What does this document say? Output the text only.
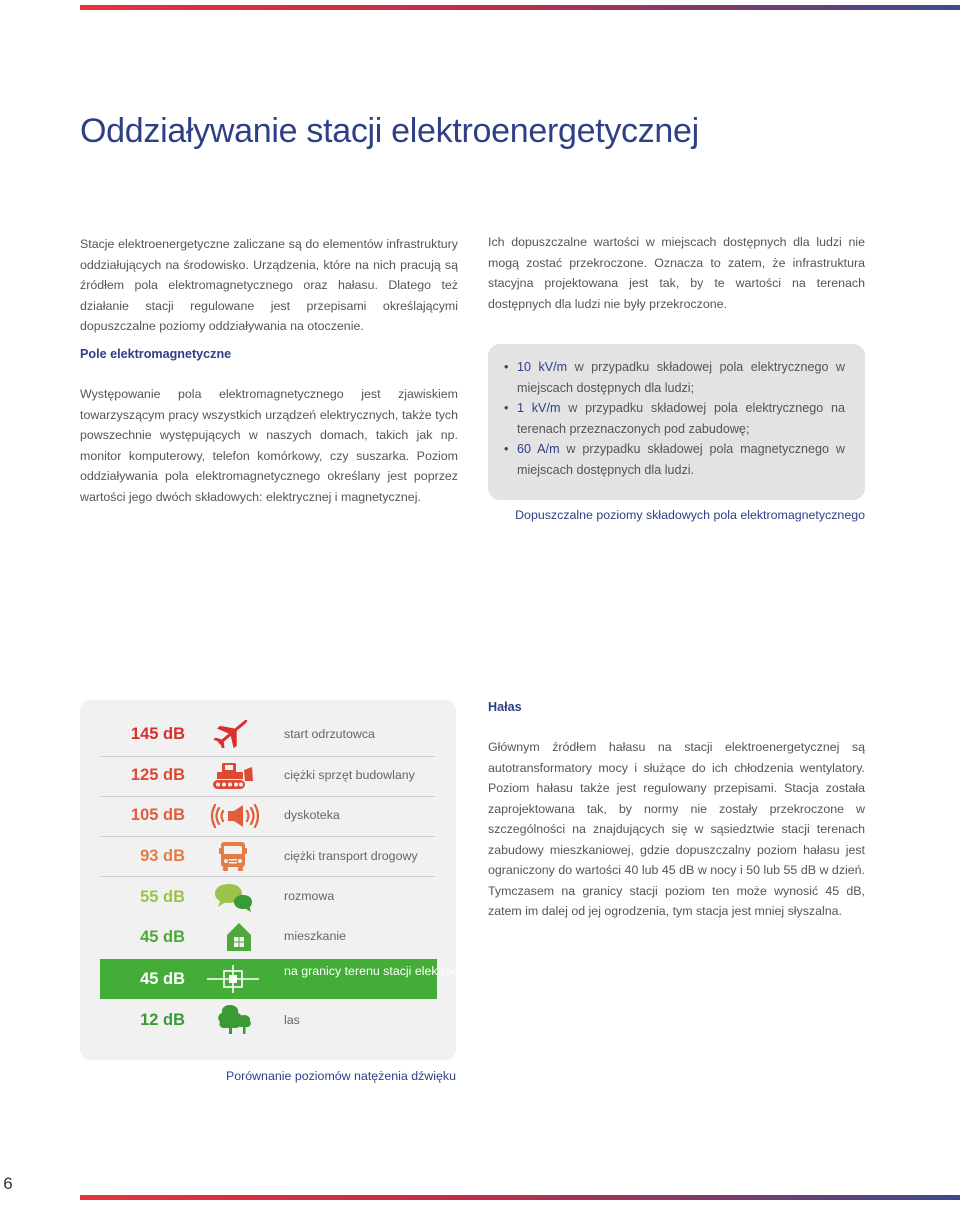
Oddziaływanie stacji elektroenergetycznej

Stacje elektroenergetyczne zaliczane są do elementów infrastruktury oddziałujących na środowisko. Urządzenia, które na nich pracują są źródłem pola elektromagnetycznego oraz hałasu. Dlatego też działanie stacji regulowane jest przepisami określającymi dopuszczalne poziomy oddziaływania na otoczenie.

Pole elektromagnetyczne

Występowanie pola elektromagnetycznego jest zjawiskiem towarzyszącym pracy wszystkich urządzeń elektrycznych, także tych powszechnie występujących w naszych domach, takich jak np. monitor komputerowy, telefon komórkowy, czy suszarka. Poziom oddziaływania pola elektromagnetycznego określany jest poprzez wartości jego dwóch składowych: elektrycznej i magnetycznej.

Ich dopuszczalne wartości w miejscach dostępnych dla ludzi nie mogą zostać przekroczone. Oznacza to zatem, że infrastruktura stacyjna projektowana jest tak, by te wartości na terenach dostępnych dla ludzi nie były przekroczone.

• 10 kV/m w przypadku składowej pola elektrycznego w miejscach dostępnych dla ludzi;
• 1 kV/m w przypadku składowej pola elektrycznego na terenach przeznaczonych pod zabudowę;
• 60 A/m w przypadku składowej pola magnetycznego w miejscach dostępnych dla ludzi.

Dopuszczalne poziomy składowych pola elektromagnetycznego

145 dB	start odrzutowca
125 dB	ciężki sprzęt budowlany
105 dB	dyskoteka
93 dB	ciężki transport drogowy
55 dB	rozmowa
45 dB	mieszkanie
45 dB	na granicy terenu stacji elektroenergetycznej
12 dB	las

Porównanie poziomów natężenia dźwięku

Hałas

Głównym źródłem hałasu na stacji elektroenergetycznej są autotransformatory mocy i służące do ich chłodzenia wentylatory. Poziom hałasu także jest regulowany przepisami. Stacja została zaprojektowana tak, by normy nie zostały przekroczone w szczególności na znajdujących się w sąsiedztwie stacji terenach zabudowy mieszkaniowej, gdzie dopuszczalny poziom hałasu jest ograniczony do wartości 40 lub 45 dB w nocy i 50 lub 55 dB w dzień. Tymczasem na granicy stacji poziom ten może wynosić 45 dB, zatem im dalej od jej ogrodzenia, tym stacja jest mniej słyszalna.

6
